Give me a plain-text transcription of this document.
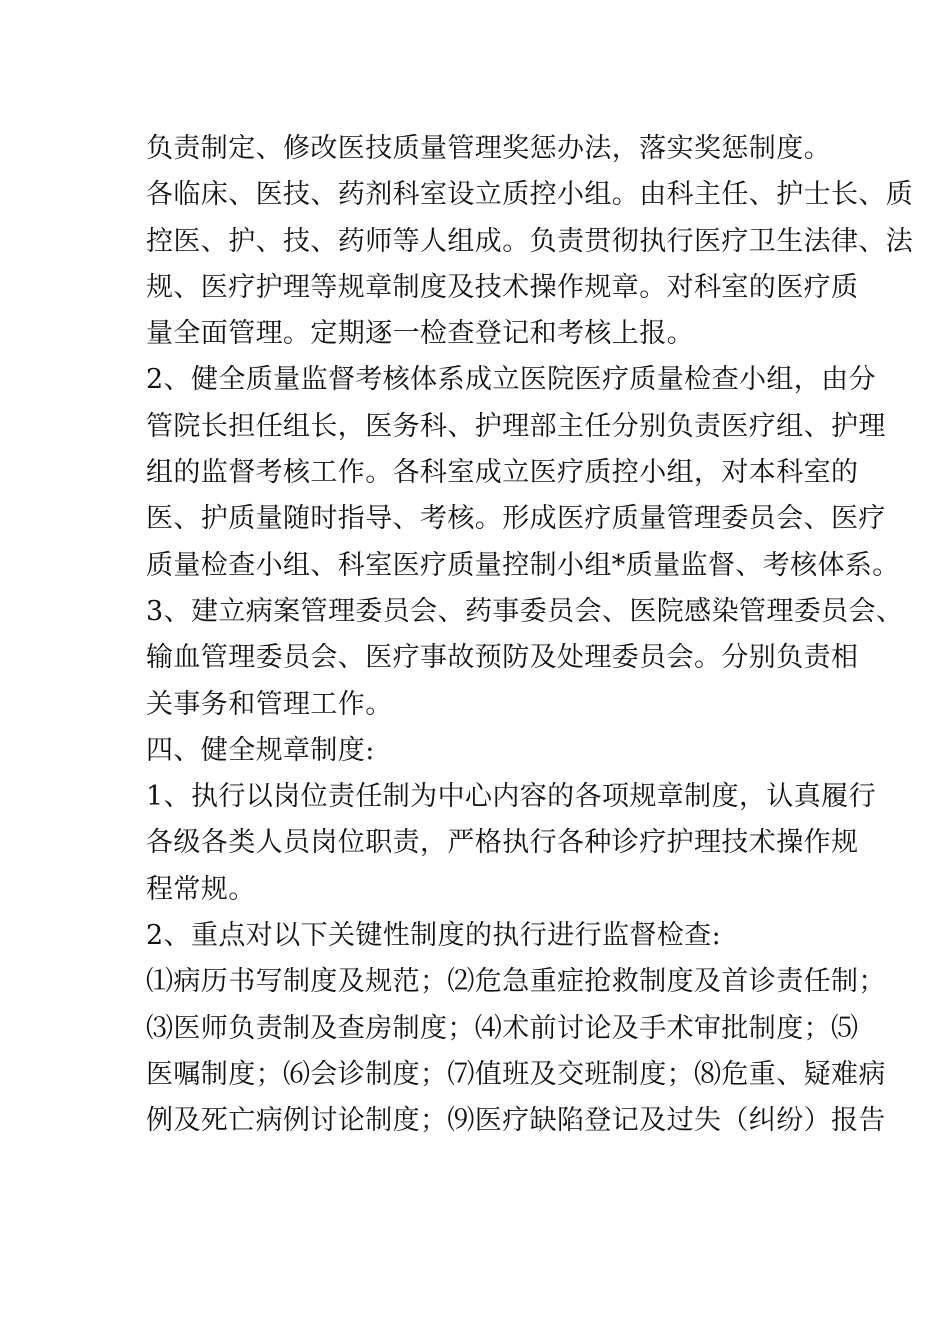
负责制定、修改医技质量管理奖惩办法，落实奖惩制度。
各临床、医技、药剂科室设立质控小组。由科主任、护士长、质
控医、护、技、药师等人组成。负责贯彻执行医疗卫生法律、法
规、医疗护理等规章制度及技术操作规章。对科室的医疗质
量全面管理。定期逐一检查登记和考核上报。
2、健全质量监督考核体系成立医院医疗质量检查小组，由分
管院长担任组长，医务科、护理部主任分别负责医疗组、护理
组的监督考核工作。各科室成立医疗质控小组，对本科室的
医、护质量随时指导、考核。形成医疗质量管理委员会、医疗
质量检查小组、科室医疗质量控制小组*质量监督、考核体系。
3、建立病案管理委员会、药事委员会、医院感染管理委员会、
输血管理委员会、医疗事故预防及处理委员会。分别负责相
关事务和管理工作。
四、健全规章制度:
1、执行以岗位责任制为中心内容的各项规章制度，认真履行
各级各类人员岗位职责，严格执行各种诊疗护理技术操作规
程常规。
2、重点对以下关键性制度的执行进行监督检查:
⑴病历书写制度及规范；⑵危急重症抢救制度及首诊责任制；
⑶医师负责制及查房制度；⑷术前讨论及手术审批制度；⑸
医嘱制度；⑹会诊制度；⑺值班及交班制度；⑻危重、疑难病
例及死亡病例讨论制度；⑼医疗缺陷登记及过失（纠纷）报告
